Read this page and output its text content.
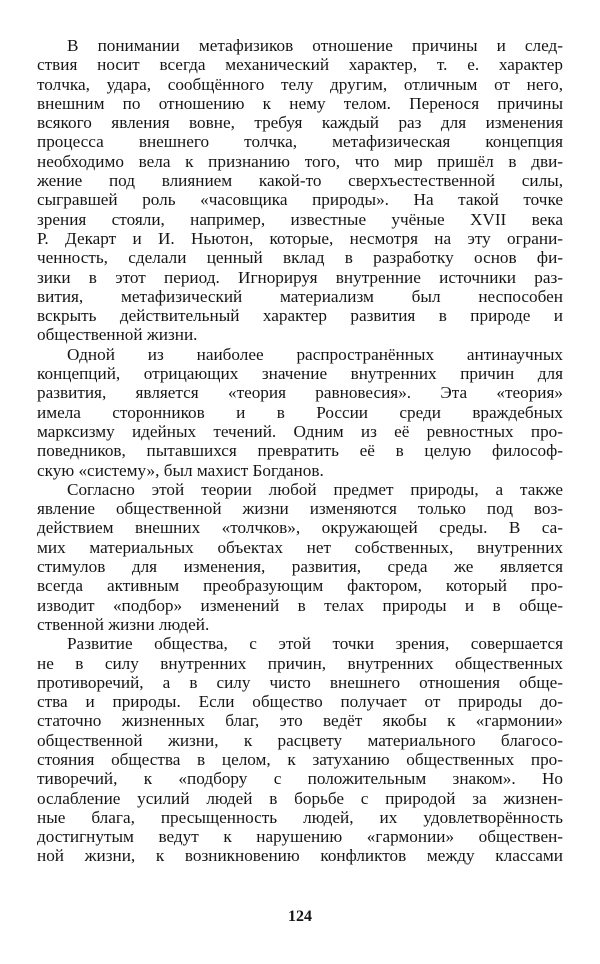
В понимании метафизиков отношение причины и след-
ствия носит всегда механический характер, т. е. характер
толчка, удара, сообщённого телу другим, отличным от него,
внешним по отношению к нему телом. Перенося причины
всякого явления вовне, требуя каждый раз для изменения
процесса внешнего толчка, метафизическая концепция
необходимо вела к признанию того, что мир пришёл в дви-
жение под влиянием какой-то сверхъестественной силы,
сыгравшей роль «часовщика природы». На такой точке
зрения стояли, например, известные учёные XVII века
Р. Декарт и И. Ньютон, которые, несмотря на эту ограни-
ченность, сделали ценный вклад в разработку основ фи-
зики в этот период. Игнорируя внутренние источники раз-
вития, метафизический материализм был неспособен
вскрыть действительный характер развития в природе и
общественной жизни.
Одной из наиболее распространённых антинаучных
концепций, отрицающих значение внутренних причин для
развития, является «теория равновесия». Эта «теория»
имела сторонников и в России среди враждебных
марксизму идейных течений. Одним из её ревностных про-
поведников, пытавшихся превратить её в целую философ-
скую «систему», был махист Богданов.
Согласно этой теории любой предмет природы, а также
явление общественной жизни изменяются только под воз-
действием внешних «толчков», окружающей среды. В са-
мих материальных объектах нет собственных, внутренних
стимулов для изменения, развития, среда же является
всегда активным преобразующим фактором, который про-
изводит «подбор» изменений в телах природы и в обще-
ственной жизни людей.
Развитие общества, с этой точки зрения, совершается
не в силу внутренних причин, внутренних общественных
противоречий, а в силу чисто внешнего отношения обще-
ства и природы. Если общество получает от природы до-
статочно жизненных благ, это ведёт якобы к «гармонии»
общественной жизни, к расцвету материального благосо-
стояния общества в целом, к затуханию общественных про-
тиворечий, к «подбору с положительным знаком». Но
ослабление усилий людей в борьбе с природой за жизнен-
ные блага, пресыщенность людей, их удовлетворённость
достигнутым ведут к нарушению «гармонии» обществен-
ной жизни, к возникновению конфликтов между классами
124
